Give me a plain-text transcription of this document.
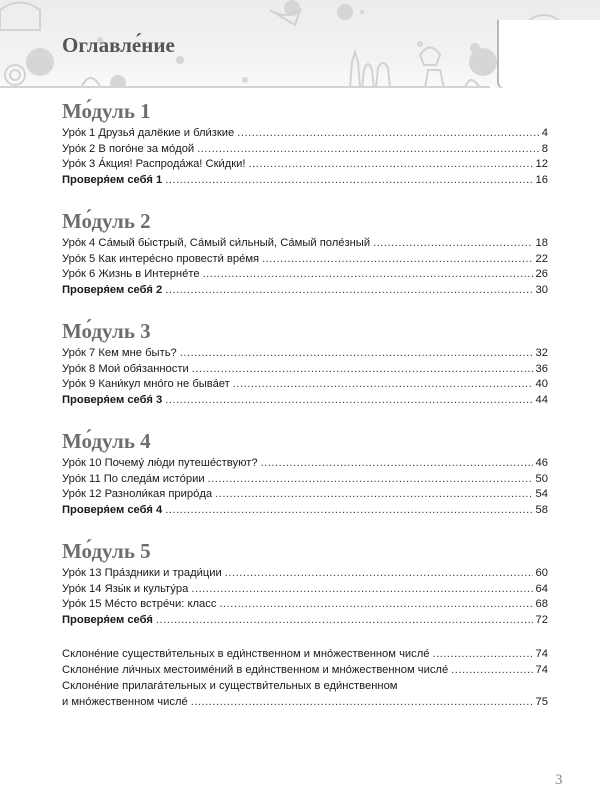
Оглавле́ние
Мо́дуль 1
Уро́к 1 Друзья́ далёкие и бли́зкие .....	4
Уро́к 2 В пого́не за мо́дой .....	8
Уро́к 3 А́кция! Распрода́жа! Ски́дки! .....	12
Проверя́ем себя́ 1 .....	16
Мо́дуль 2
Уро́к 4 Са́мый бы́стрый, Са́мый си́льный, Са́мый поле́зный .....	18
Уро́к 5 Как интере́сно провести́ вре́мя .....	22
Уро́к 6 Жизнь в Интерне́те .....	26
Проверя́ем себя́ 2 .....	30
Мо́дуль 3
Уро́к 7 Кем мне быть? .....	32
Уро́к 8 Мои́ обя́занности .....	36
Уро́к 9 Кани́кул мно́го не быва́ет .....	40
Проверя́ем себя́ 3 .....	44
Мо́дуль 4
Уро́к 10 Почему́ лю́ди путеше́ствуют? .....	46
Уро́к 11 По следа́м исто́рии .....	50
Уро́к 12 Разноли́кая приро́да .....	54
Проверя́ем себя́ 4 .....	58
Мо́дуль 5
Уро́к 13 Пра́здники и тради́ции .....	60
Уро́к 14 Язы́к и культу́ра .....	64
Уро́к 15 Ме́сто встре́чи: класс .....	68
Проверя́ем себя́ .....	72
Склоне́ние существи́тельных в еди́нственном и мно́жественном числе́ .....	74
Склоне́ние ли́чных местоиме́ний в еди́нственном и мно́жественном числе́ .....	74
Склоне́ние прилага́тельных и существи́тельных в еди́нственном
и мно́жественном числе́ .....	75
3
